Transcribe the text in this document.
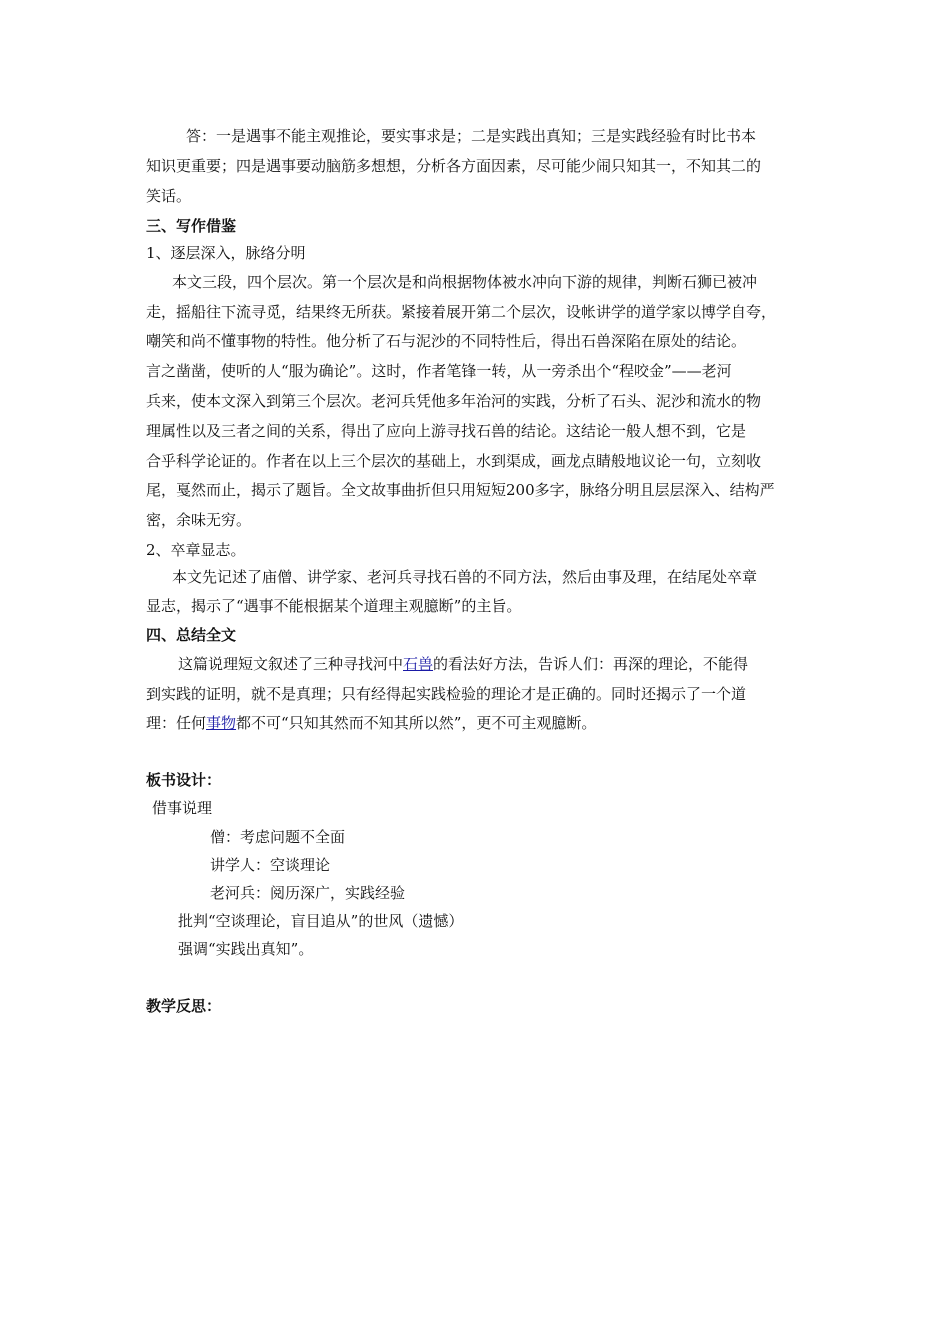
答：一是遇事不能主观推论，要实事求是；二是实践出真知；三是实践经验有时比书本
知识更重要；四是遇事要动脑筋多想想，分析各方面因素，尽可能少闹只知其一，不知其二的
笑话。
三、写作借鉴
1、逐层深入，脉络分明
本文三段，四个层次。第一个层次是和尚根据物体被水冲向下游的规律，判断石狮已被冲
走，摇船往下流寻觅，结果终无所获。紧接着展开第二个层次，设帐讲学的道学家以博学自夸，
嘲笑和尚不懂事物的特性。他分析了石与泥沙的不同特性后，得出石兽深陷在原处的结论。
言之凿凿，使听的人“服为确论”。这时，作者笔锋一转，从一旁杀出个“程咬金”——老河
兵来，使本文深入到第三个层次。老河兵凭他多年治河的实践，分析了石头、泥沙和流水的物
理属性以及三者之间的关系，得出了应向上游寻找石兽的结论。这结论一般人想不到，它是
合乎科学论证的。作者在以上三个层次的基础上，水到渠成，画龙点睛般地议论一句，立刻收
尾，戛然而止，揭示了题旨。全文故事曲折但只用短短200多字，脉络分明且层层深入、结构严
密，余味无穷。
2、卒章显志。
本文先记述了庙僧、讲学家、老河兵寻找石兽的不同方法，然后由事及理，在结尾处卒章
显志，揭示了“遇事不能根据某个道理主观臆断”的主旨。
四、总结全文
这篇说理短文叙述了三种寻找河中石兽的看法好方法，告诉人们：再深的理论，不能得
到实践的证明，就不是真理；只有经得起实践检验的理论才是正确的。同时还揭示了一个道
理：任何事物都不可“只知其然而不知其所以然”，更不可主观臆断。
板书设计：
借事说理
僧：考虑问题不全面
讲学人：空谈理论
老河兵：阅历深广，实践经验
批判“空谈理论，盲目追从”的世风（遗憾）
强调“实践出真知”。
教学反思：
